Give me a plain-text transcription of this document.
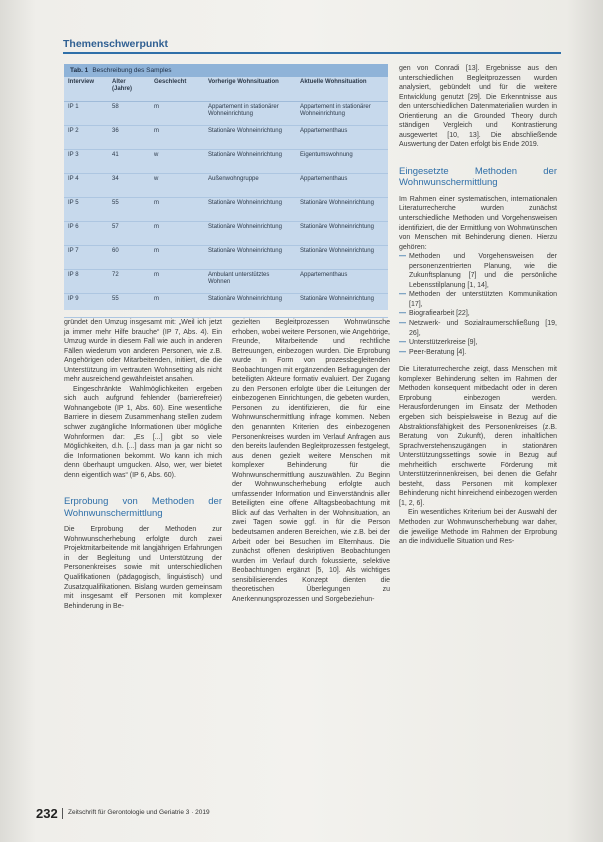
Themenschwerpunkt
Tab. 1 Beschreibung des Samples
Interview	Alter (Jahre)	Geschlecht	Vorherige Wohnsituation	Aktuelle Wohnsituation
IP 1	58	m	Appartement in stationärer Wohneinrichtung	Appartement in stationärer Wohneinrichtung
IP 2	36	m	Stationäre Wohneinrichtung	Appartementhaus
IP 3	41	w	Stationäre Wohneinrichtung	Eigentumswohnung
IP 4	34	w	Außenwohngruppe	Appartementhaus
IP 5	55	m	Stationäre Wohneinrichtung	Stationäre Wohneinrichtung
IP 6	57	m	Stationäre Wohneinrichtung	Stationäre Wohneinrichtung
IP 7	60	m	Stationäre Wohneinrichtung	Stationäre Wohneinrichtung
IP 8	72	m	Ambulant unterstütztes Wohnen	Appartementhaus
IP 9	55	m	Stationäre Wohneinrichtung	Stationäre Wohneinrichtung

gründet den Umzug insgesamt mit: „Weil ich jetzt ja immer mehr Hilfe brauche“ (IP 7, Abs. 4). Ein Umzug wurde in diesem Fall wie auch in anderen Fällen wiederum von anderen Personen, wie z.B. Angehörigen oder Mitarbeitenden, initiiert, die die Unterstützung im vertrauten Wohnsetting als nicht mehr ausreichend gewährleistet ansahen.

Eingeschränkte Wahlmöglichkeiten ergeben sich auch aufgrund fehlender (barrierefreier) Wohnangebote (IP 1, Abs. 60). Eine wesentliche Barriere in diesem Zusammenhang stellen zudem schwer zugängliche Informationen über mögliche Wohnformen dar: „Es [...] gibt so viele Möglichkeiten, d.h. [...] dass man ja gar nicht so die Informationen bekommt. Wo kann ich mich denn überhaupt umgucken. Also, wer, wer bietet denn eigentlich was“ (IP 6, Abs. 60).

Erprobung von Methoden der Wohnwunschermittlung

Die Erprobung der Methoden zur Wohnwunscherhebung erfolgte durch zwei Projektmitarbeitende mit langjährigen Erfahrungen in der Begleitung und Unterstützung der Personenkreises sowie mit unterschiedlichen Qualifikationen (pädagogisch, linguistisch) und Zusatzqualifikationen. Bislang wurden gemeinsam mit insgesamt elf Personen mit komplexer Behinderung in Be-

gezielten Begleitprozessen Wohnwünsche erhoben, wobei weitere Personen, wie Angehörige, Freunde, Mitarbeitende und rechtliche Betreuungen, einbezogen wurden. Die Erprobung wurde in Form von prozessbegleitenden Beobachtungen mit ergänzenden Befragungen der beteiligten Akteure formativ evaluiert. Der Zugang zu den Personen erfolgte über die Leitungen der einbezogenen Einrichtungen, die gebeten wurden, Personen zu identifizieren, die für eine Wohnwunschermittlung infrage kommen. Neben den genannten Kriterien des einbezogenen Personenkreises wurden im Verlauf Anfragen aus den bereits laufenden Begleitprozessen festgelegt, aus denen gezielt weitere Menschen mit komplexer Behinderung für die Wohnwunschermittlung auszuwählen. Zu Beginn der Wohnwunscherhebung erfolgte auch umfassender Information und Einverständnis aller Beteiligten eine offene Alltagsbeobachtung mit Blick auf das Verhalten in der Wohnsituation, an zwei Tagen sowie ggf. in für die Person bedeutsamen anderen Bereichen, wie z.B. bei der Arbeit oder bei Besuchen im Elternhaus. Die zunächst offenen deskriptiven Beobachtungen wurden im Verlauf durch fokussierte, selektive Beobachtungen ergänzt [5, 10]. Als wichtiges sensibilisierendes Konzept dienten die theoretischen Überlegungen zu Anerkennungsprozessen und Sorgebeziehun-

gen von Conradi [13]. Ergebnisse aus den unterschiedlichen Begleitprozessen wurden analysiert, gebündelt und für die weitere Entwicklung genutzt [29]. Die Erkenntnisse aus den unterschiedlichen Datenmaterialien wurden in Orientierung an die Grounded Theory durch ständigen Vergleich und Kontrastierung ausgewertet [10, 13]. Die abschließende Auswertung der Daten erfolgt bis Ende 2019.

Eingesetzte Methoden der Wohnwunschermittlung

Im Rahmen einer systematischen, internationalen Literaturrecherche wurden zunächst unterschiedliche Methoden und Vorgehensweisen identifiziert, die der Ermittlung von Wohnwünschen von Menschen mit Behinderung dienen. Hierzu gehören:

— Methoden und Vorgehensweisen der personenzentrierten Planung, wie die Zukunftsplanung [7] und die persönliche Lebensstilplanung [1, 14],
— Methoden der unterstützten Kommunikation [17],
— Biografiearbeit [22],
— Netzwerk- und Sozialraumerschließung [19, 26],
— Unterstützerkreise [9],
— Peer-Beratung [4].

Die Literaturrecherche zeigt, dass Menschen mit komplexer Behinderung selten im Rahmen der Methoden konsequent mitbedacht oder in deren Erprobung einbezogen werden. Herausforderungen im Einsatz der Methoden ergeben sich beispielsweise in Bezug auf die Abstraktionsfähigkeit des Personenkreises (z.B. Beratung von Zukunft), deren inhaltlichen Sprachverstehenszugängen in stationären Unterstützungssettings sowie in Bezug auf mehrheitlich erschwerte Förderung mit Unterstützerinnenkreisen, bei denen die Gefahr besteht, dass Personen mit komplexer Behinderung nicht hinreichend einbezogen werden [1, 2, 6].

Ein wesentliches Kriterium bei der Auswahl der Methoden zur Wohnwunscherhebung war daher, die jeweilige Methode im Rahmen der Erprobung an die individuelle Situation und Res-

232 Zeitschrift für Gerontologie und Geriatrie 3 · 2019
